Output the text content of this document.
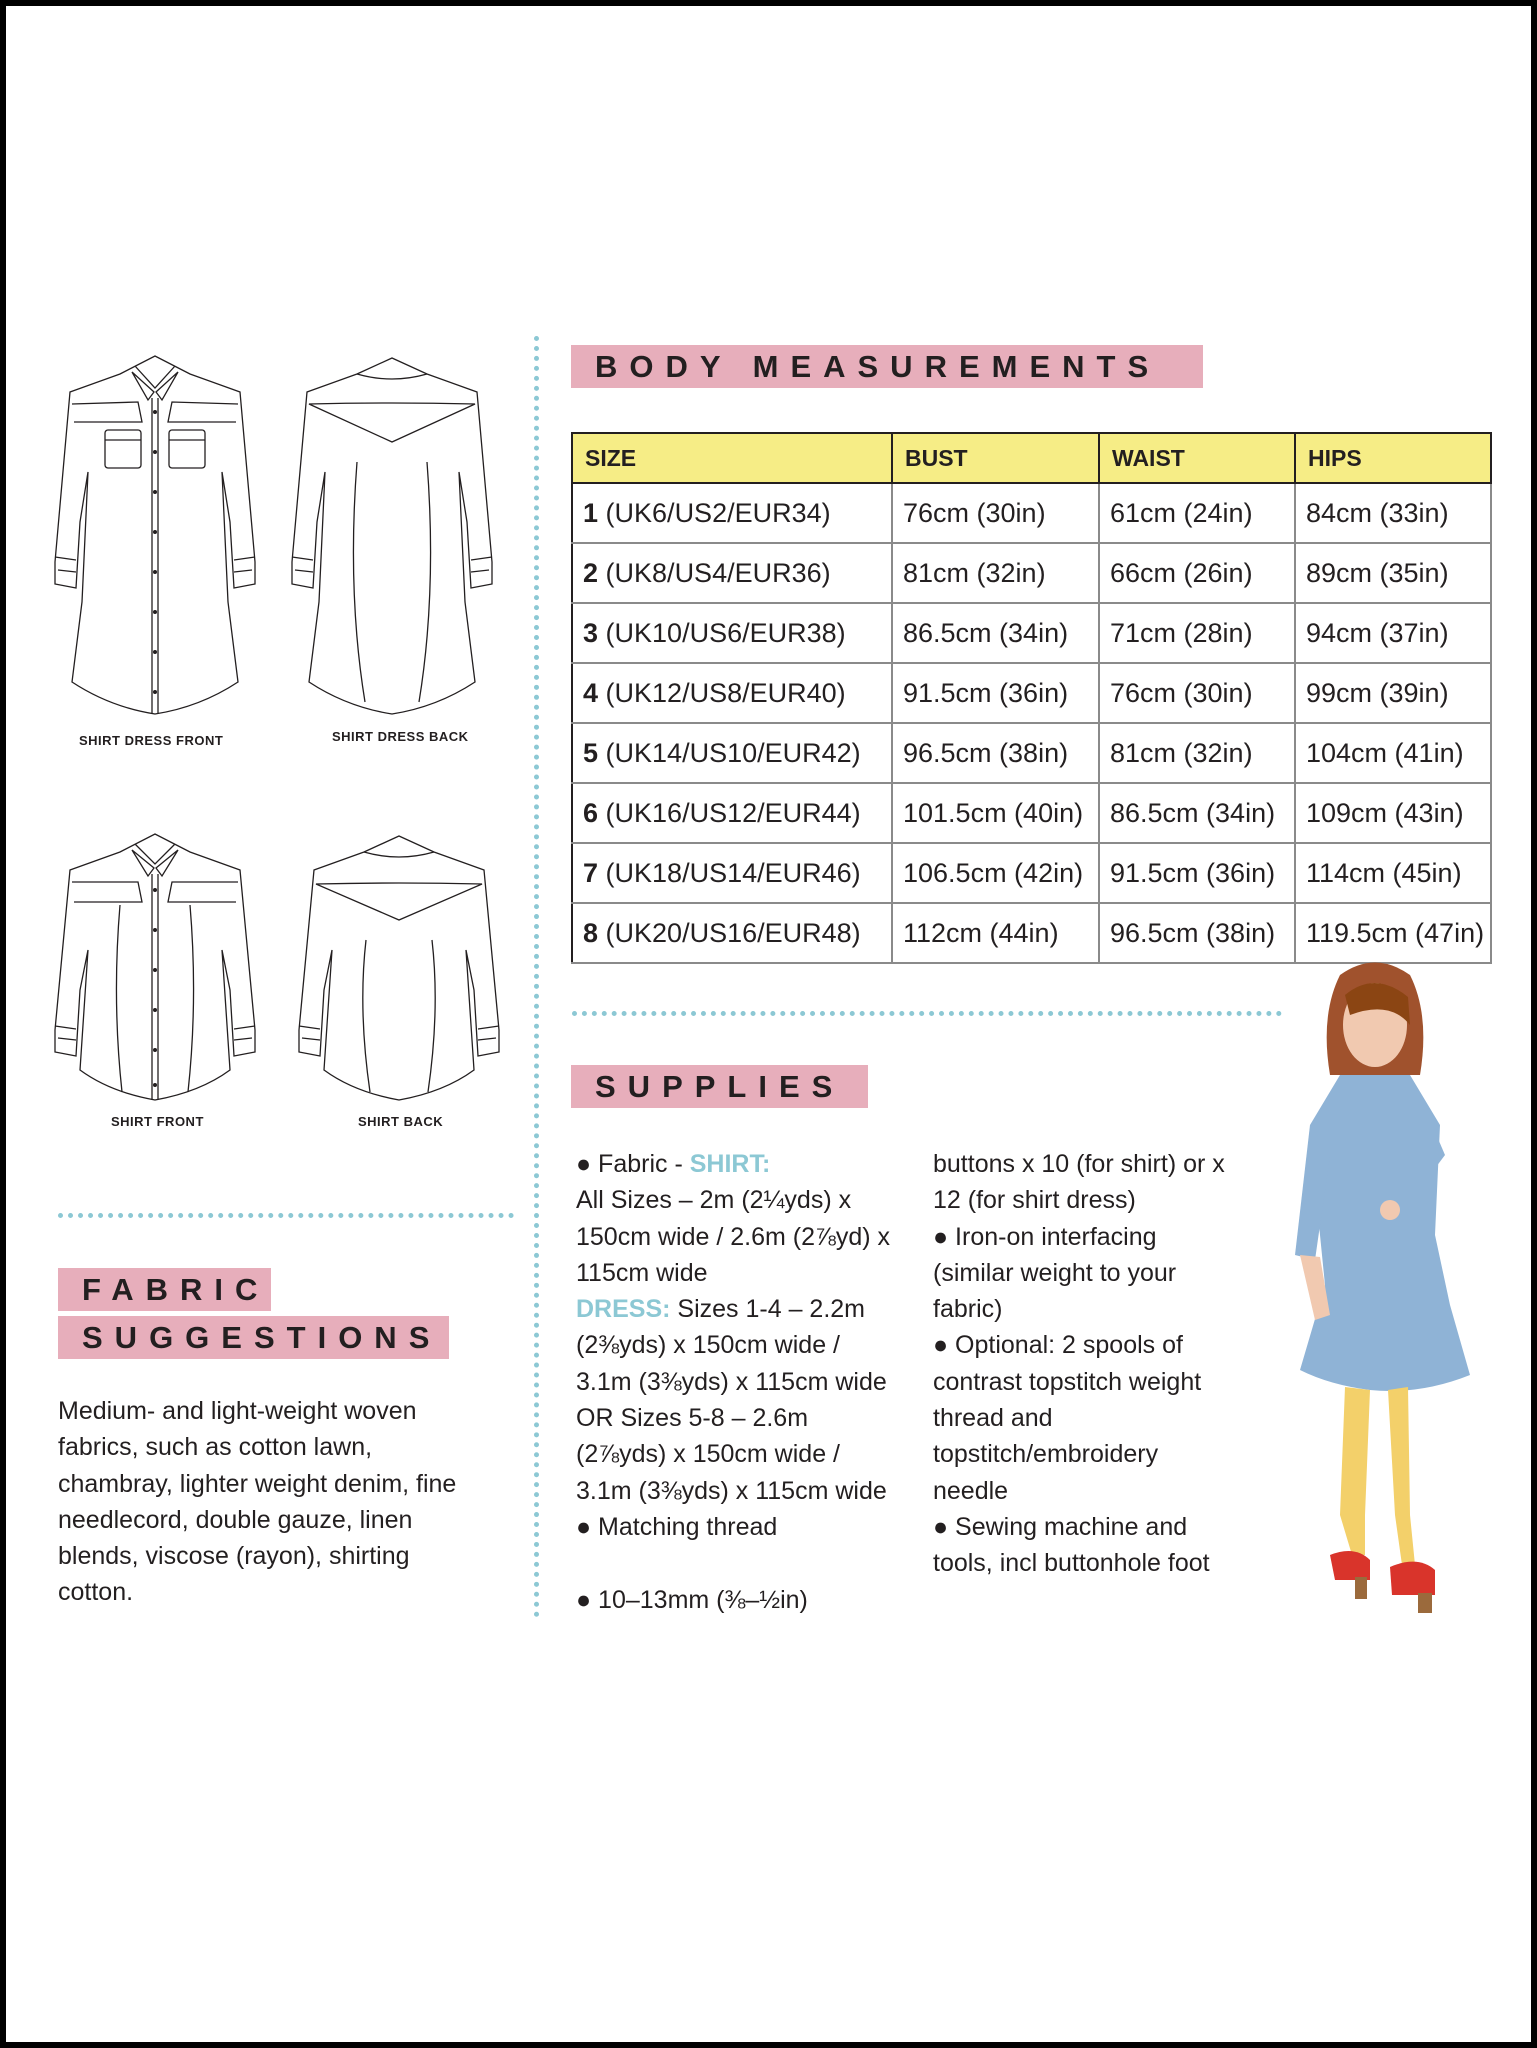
BODY MEASUREMENTS
SIZE	BUST	WAIST	HIPS
1 (UK6/US2/EUR34)	76cm (30in)	61cm (24in)	84cm (33in)
2 (UK8/US4/EUR36)	81cm (32in)	66cm (26in)	89cm (35in)
3 (UK10/US6/EUR38)	86.5cm (34in)	71cm (28in)	94cm (37in)
4 (UK12/US8/EUR40)	91.5cm (36in)	76cm (30in)	99cm (39in)
5 (UK14/US10/EUR42)	96.5cm (38in)	81cm (32in)	104cm (41in)
6 (UK16/US12/EUR44)	101.5cm (40in)	86.5cm (34in)	109cm (43in)
7 (UK18/US14/EUR46)	106.5cm (42in)	91.5cm (36in)	114cm (45in)
8 (UK20/US16/EUR48)	112cm (44in)	96.5cm (38in)	119.5cm (47in)
SHIRT DRESS FRONT	SHIRT DRESS BACK
SHIRT FRONT	SHIRT BACK
FABRIC
SUGGESTIONS
Medium- and light-weight woven fabrics, such as cotton lawn, chambray, lighter weight denim, fine needlecord, double gauze, linen blends, viscose (rayon), shirting cotton.
SUPPLIES
● Fabric - SHIRT:
All Sizes – 2m (2¼yds) x 150cm wide / 2.6m (2⅞yd) x 115cm wide
DRESS: Sizes 1-4 – 2.2m (2⅜yds) x 150cm wide / 3.1m (3⅜yds) x 115cm wide OR Sizes 5-8 – 2.6m (2⅞yds) x 150cm wide / 3.1m (3⅜yds) x 115cm wide
● Matching thread
● 10–13mm (⅜–½in)
buttons x 10 (for shirt) or x 12 (for shirt dress)
● Iron-on interfacing (similar weight to your fabric)
● Optional: 2 spools of contrast topstitch weight thread and topstitch/embroidery needle
● Sewing machine and tools, incl buttonhole foot
